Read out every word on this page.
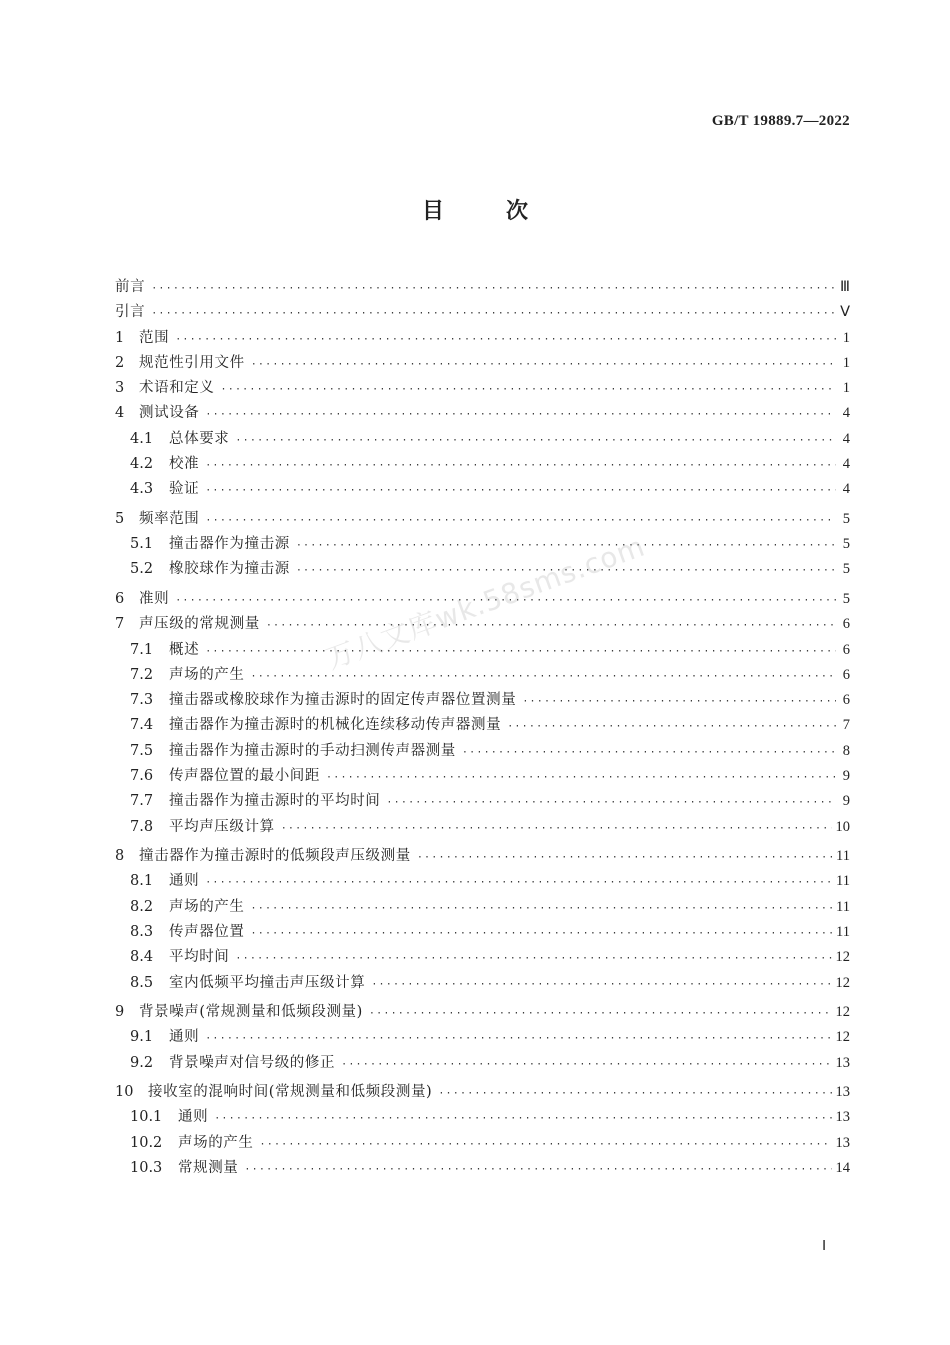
GB/T 19889.7—2022
目	次
前言 ·····	Ⅲ
引言 ·····	Ⅴ
1	范围 ·····	1
2	规范性引用文件 ·····	1
3	术语和定义 ·····	1
4	测试设备 ·····	4
4.1	总体要求 ·····	4
4.2	校准 ·····	4
4.3	验证 ·····	4
5	频率范围 ·····	5
5.1	撞击器作为撞击源 ·····	5
5.2	橡胶球作为撞击源 ·····	5
6	准则 ·····	5
7	声压级的常规测量 ·····	6
7.1	概述 ·····	6
7.2	声场的产生 ·····	6
7.3	撞击器或橡胶球作为撞击源时的固定传声器位置测量 ·····	6
7.4	撞击器作为撞击源时的机械化连续移动传声器测量 ·····	7
7.5	撞击器作为撞击源时的手动扫测传声器测量 ·····	8
7.6	传声器位置的最小间距 ·····	9
7.7	撞击器作为撞击源时的平均时间 ·····	9
7.8	平均声压级计算 ·····	10
8	撞击器作为撞击源时的低频段声压级测量 ·····	11
8.1	通则 ·····	11
8.2	声场的产生 ·····	11
8.3	传声器位置 ·····	11
8.4	平均时间 ·····	12
8.5	室内低频平均撞击声压级计算 ·····	12
9	背景噪声(常规测量和低频段测量) ·····	12
9.1	通则 ·····	12
9.2	背景噪声对信号级的修正 ·····	13
10	接收室的混响时间(常规测量和低频段测量) ·····	13
10.1	通则 ·····	13
10.2	声场的产生 ·····	13
10.3	常规测量 ·····	14
万八文库wk.58sms.com
Ⅰ
